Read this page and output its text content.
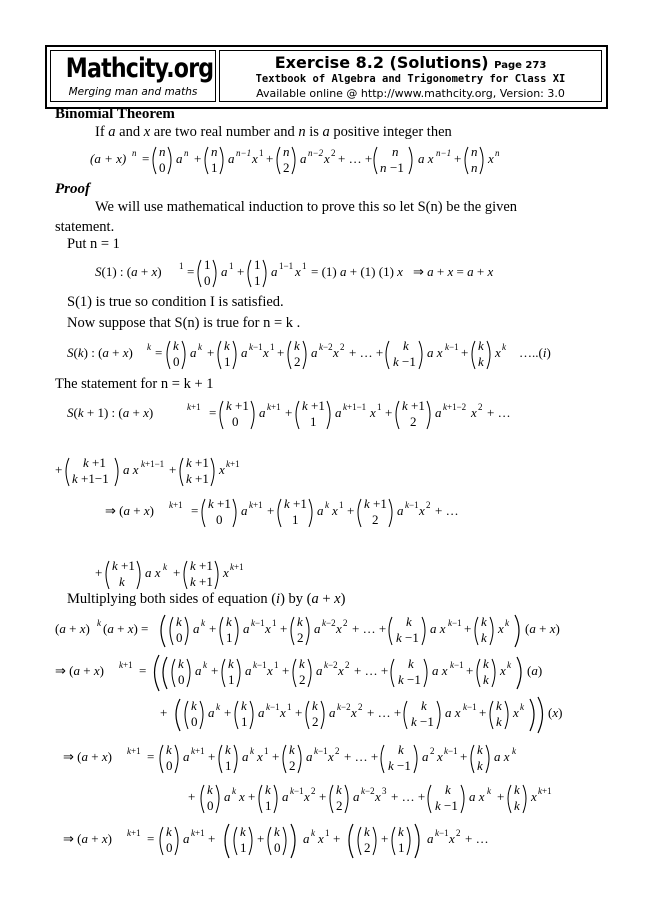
Mathcity.org
Merging man and maths
Exercise 8.2 (Solutions) Page 273
Textbook of Algebra and Trigonometry for Class XI
Available online @ http://www.mathcity.org, Version: 3.0
Binomial Theorem
If a and x are two real number and n is a positive integer then
(a + x) n = n
0
a n + n
1
a n−1 x 1 + n
2
a n−2 x 2 + … + n
n −1
a x n−1 + n
n
x n
Proof
We will use mathematical induction to prove this so let S(n) be the given
statement.
Put n = 1
S(1) : (a + x) 1 = 1
0
a 1 + 1
1
a 1−1 x 1 = (1) a + (1) (1) x ⇒ a + x = a + x
S(1) is true so condition I is satisfied.
Now suppose that S(n) is true for n = k .
S(k) : (a + x) k = k
0
a k + k
1
a k−1 x 1 + k
2
a k−2 x 2 + … + k
k −1
a x k−1 + k
k
x k …..(i)
The statement for n = k + 1
S(k + 1) : (a + x)	k+1 = k +1
0
a k+1 + k +1
1
a k+1−1 x 1 + k +1
2
a k+1−2 x 2 + …
+ k +1
k +1−1
a x k+1−1 + k +1
k +1
x k+1
⇒ (a + x) k+1 = k +1
0
a k+1 + k +1
1
a k x 1 + k +1
2
a k−1 x 2 + …
+ k +1
k
a x k + k +1
k +1
x k+1
Multiplying both sides of equation (i) by (a + x)
(a + x) k (a + x) = k
0
a k + k
1
a k−1 x 1 + k
2
a k−2 x 2 + … + k
k −1
a x k−1 + k
k
x k (a + x)
⇒ (a + x) k+1 = k
0
a k + k
1
a k−1 x 1 + k
2
a k−2 x 2 + … + k
k −1
a x k−1 + k
k
x k (a)
+ k
0
a k + k
1
a k−1 x 1 + k
2
a k−2 x 2 + … + k
k −1
a x k−1 + k
k
x k (x)
⇒ (a + x) k+1 = k
0
a k+1 + k
1
a k x 1 + k
2
a k−1 x 2 + … + k
k −1
a 2 x k−1 + k
k
a x k
+ k
0
a k x + k
1
a k−1 x 2 + k
2
a k−2 x 3 + … + k
k −1
a x k + k
k
x k+1
⇒ (a + x) k+1 = k
0
a k+1 + k
1
+ k
0
a k x 1 + k
2
+ k
1
a k−1 x 2 + …
